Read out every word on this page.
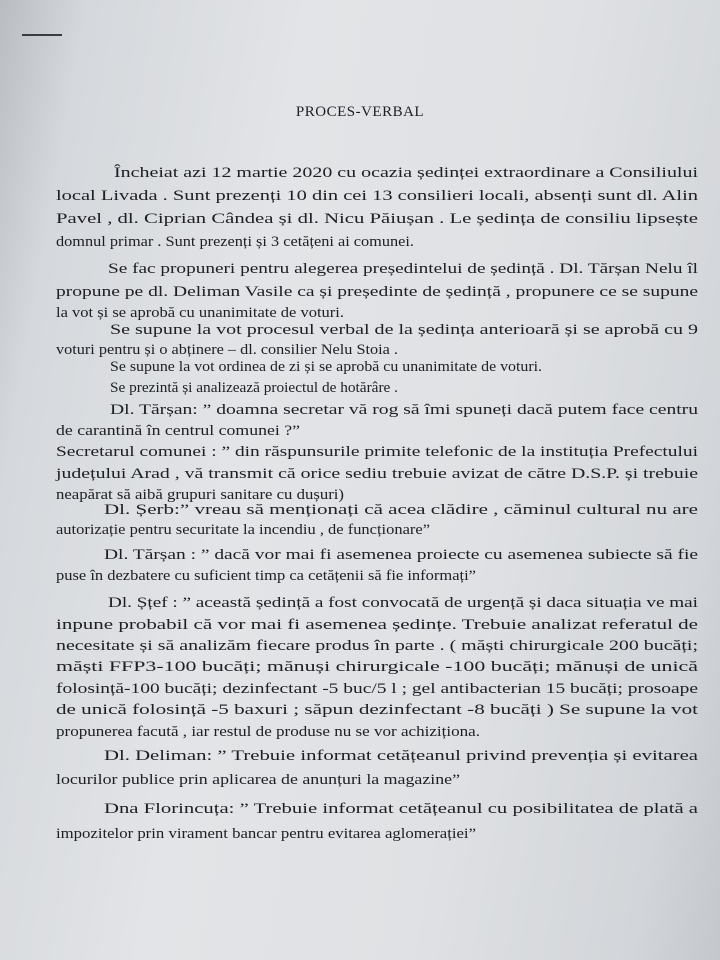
PROCES-VERBAL
Încheiat azi 12 martie 2020 cu ocazia ședinței extraordinare a Consiliului
local Livada . Sunt prezenți 10 din cei 13 consilieri locali, absenți sunt dl. Alin
Pavel , dl. Ciprian Cândea și dl. Nicu Păiușan . Le ședința de consiliu lipsește
domnul primar . Sunt prezenți și 3 cetățeni ai comunei.
Se fac propuneri pentru alegerea președintelui de ședință . Dl. Tărșan Nelu îl
propune pe dl. Deliman Vasile ca și președinte de ședință , propunere ce se supune
la vot și se aprobă cu unanimitate de voturi.
Se supune la vot procesul verbal de la ședința anterioară și se aprobă cu 9
voturi pentru și o abținere – dl. consilier Nelu Stoia .
Se supune la vot ordinea de zi și se aprobă cu unanimitate de voturi.
Se prezintă și analizează proiectul de hotărâre .
Dl. Tărșan: ” doamna secretar vă rog să îmi spuneți dacă putem face centru
de carantină în centrul comunei ?”
Secretarul comunei : ” din răspunsurile primite telefonic de la instituția Prefectului
județului Arad , vă transmit că orice sediu trebuie avizat de către D.S.P. și trebuie
neapărat să aibă grupuri sanitare cu dușuri)
Dl. Șerb:” vreau să menționați că acea clădire , căminul cultural nu are
autorizație pentru securitate la incendiu , de funcționare”
Dl. Tărșan : ” dacă vor mai fi asemenea proiecte cu asemenea subiecte să fie
puse în dezbatere cu suficient timp ca cetățenii să fie informați”
Dl. Șțef : ” această ședință a fost convocată de urgență și daca situația ve mai
inpune probabil că vor mai fi asemenea ședințe. Trebuie analizat referatul de
necesitate și să analizăm fiecare produs în parte . ( măști chirurgicale 200 bucăți;
măști FFP3-100 bucăți; mănuși chirurgicale -100 bucăți; mănuși de unică
folosință-100 bucăți; dezinfectant -5 buc/5 l ; gel antibacterian 15 bucăți; prosoape
de unică folosință -5 baxuri ; săpun dezinfectant -8 bucăți ) Se supune la vot
propunerea facută , iar restul de produse nu se vor achiziționa.
Dl. Deliman: ” Trebuie informat cetățeanul privind prevenția și evitarea
locurilor publice prin aplicarea de anunțuri la magazine”
Dna Florincuța: ” Trebuie informat cetățeanul cu posibilitatea de plată a
impozitelor prin virament bancar pentru evitarea aglomerației”
